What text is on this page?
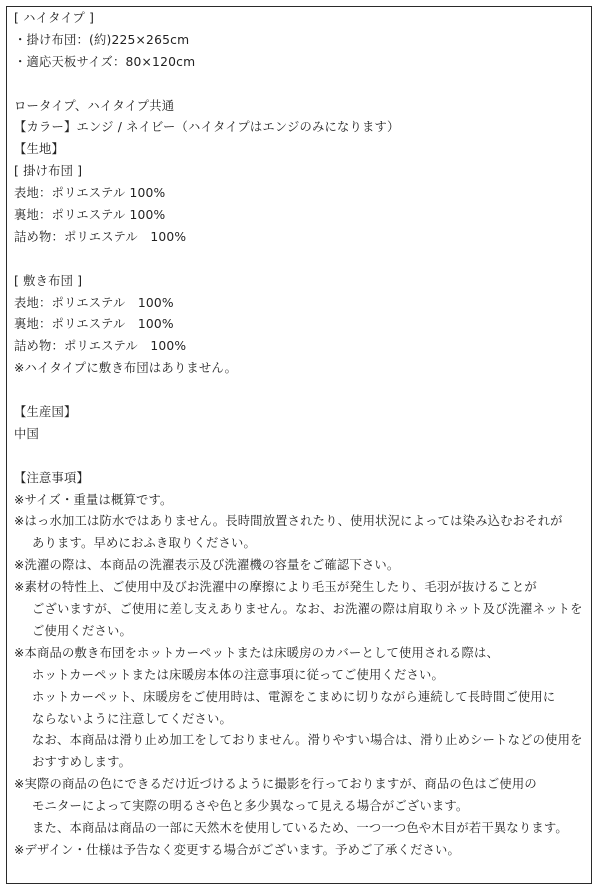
[ ハイタイプ ]
・掛け布団：(約)225×265cm
・適応天板サイズ：80×120cm
ロータイプ、ハイタイプ共通
【カラー】エンジ / ネイビー（ハイタイプはエンジのみになります）
【生地】
[ 掛け布団 ]
表地：ポリエステル 100%
裏地：ポリエステル 100%
詰め物：ポリエステル　100%
[ 敷き布団 ]
表地：ポリエステル　100%
裏地：ポリエステル　100%
詰め物：ポリエステル　100%
※ハイタイプに敷き布団はありません。
【生産国】
中国
【注意事項】
※サイズ・重量は概算です。
※はっ水加工は防水ではありません。長時間放置されたり、使用状況によっては染み込むおそれが
あります。早めにおふき取りください。
※洗濯の際は、本商品の洗濯表示及び洗濯機の容量をご確認下さい。
※素材の特性上、ご使用中及びお洗濯中の摩擦により毛玉が発生したり、毛羽が抜けることが
ございますが、ご使用に差し支えありません。なお、お洗濯の際は肩取りネット及び洗濯ネットを
ご使用ください。
※本商品の敷き布団をホットカーペットまたは床暖房のカバーとして使用される際は、
ホットカーペットまたは床暖房本体の注意事項に従ってご使用ください。
ホットカーペット、床暖房をご使用時は、電源をこまめに切りながら連続して長時間ご使用に
ならないように注意してください。
なお、本商品は滑り止め加工をしておりません。滑りやすい場合は、滑り止めシートなどの使用を
おすすめします。
※実際の商品の色にできるだけ近づけるように撮影を行っておりますが、商品の色はご使用の
モニターによって実際の明るさや色と多少異なって見える場合がございます。
また、本商品は商品の一部に天然木を使用しているため、一つ一つ色や木目が若干異なります。
※デザイン・仕様は予告なく変更する場合がございます。予めご了承ください。
